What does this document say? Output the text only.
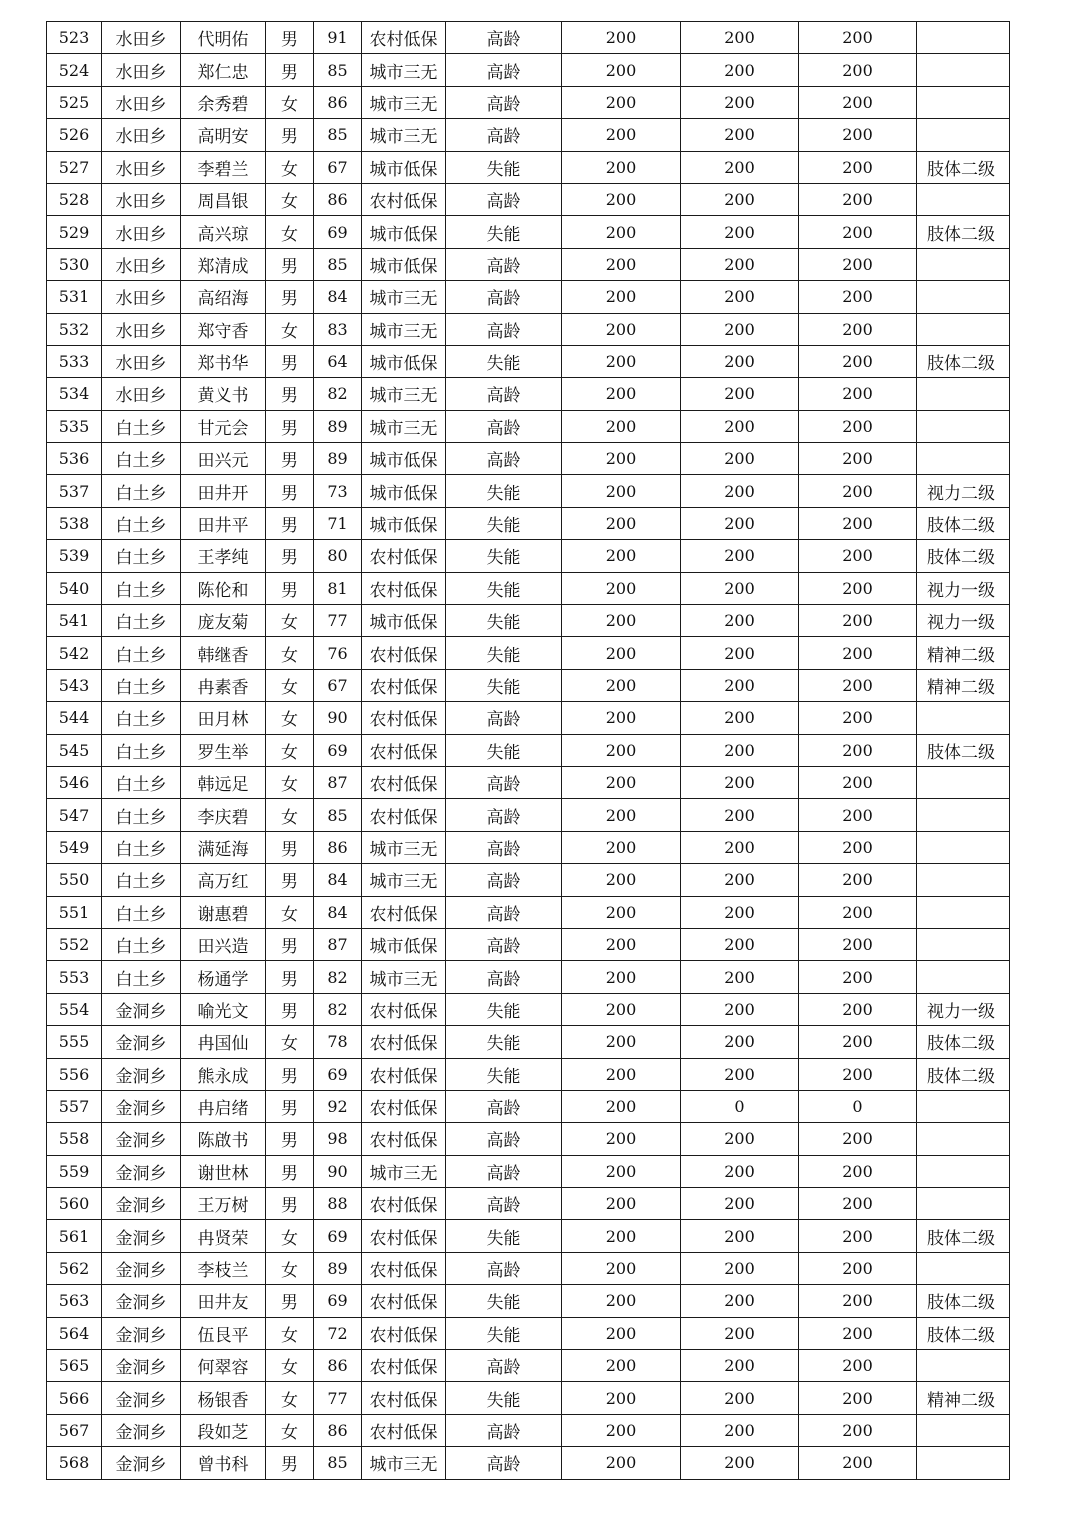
523	水田乡	代明佑	男	91	农村低保	高龄	200	200	200	
524	水田乡	郑仁忠	男	85	城市三无	高龄	200	200	200	
525	水田乡	余秀碧	女	86	城市三无	高龄	200	200	200	
526	水田乡	高明安	男	85	城市三无	高龄	200	200	200	
527	水田乡	李碧兰	女	67	城市低保	失能	200	200	200	肢体二级
528	水田乡	周昌银	女	86	农村低保	高龄	200	200	200	
529	水田乡	高兴琼	女	69	城市低保	失能	200	200	200	肢体二级
530	水田乡	郑清成	男	85	城市低保	高龄	200	200	200	
531	水田乡	高绍海	男	84	城市三无	高龄	200	200	200	
532	水田乡	郑守香	女	83	城市三无	高龄	200	200	200	
533	水田乡	郑书华	男	64	城市低保	失能	200	200	200	肢体二级
534	水田乡	黄义书	男	82	城市三无	高龄	200	200	200	
535	白土乡	甘元会	男	89	城市三无	高龄	200	200	200	
536	白土乡	田兴元	男	89	城市低保	高龄	200	200	200	
537	白土乡	田井开	男	73	城市低保	失能	200	200	200	视力二级
538	白土乡	田井平	男	71	城市低保	失能	200	200	200	肢体二级
539	白土乡	王孝纯	男	80	农村低保	失能	200	200	200	肢体二级
540	白土乡	陈伦和	男	81	农村低保	失能	200	200	200	视力一级
541	白土乡	庞友菊	女	77	城市低保	失能	200	200	200	视力一级
542	白土乡	韩继香	女	76	农村低保	失能	200	200	200	精神二级
543	白土乡	冉素香	女	67	农村低保	失能	200	200	200	精神二级
544	白土乡	田月林	女	90	农村低保	高龄	200	200	200	
545	白土乡	罗生举	女	69	农村低保	失能	200	200	200	肢体二级
546	白土乡	韩远足	女	87	农村低保	高龄	200	200	200	
547	白土乡	李庆碧	女	85	农村低保	高龄	200	200	200	
549	白土乡	满延海	男	86	城市三无	高龄	200	200	200	
550	白土乡	高万红	男	84	城市三无	高龄	200	200	200	
551	白土乡	谢惠碧	女	84	农村低保	高龄	200	200	200	
552	白土乡	田兴造	男	87	城市低保	高龄	200	200	200	
553	白土乡	杨通学	男	82	城市三无	高龄	200	200	200	
554	金洞乡	喻光文	男	82	农村低保	失能	200	200	200	视力一级
555	金洞乡	冉国仙	女	78	农村低保	失能	200	200	200	肢体二级
556	金洞乡	熊永成	男	69	农村低保	失能	200	200	200	肢体二级
557	金洞乡	冉启绪	男	92	农村低保	高龄	200	0	0	
558	金洞乡	陈啟书	男	98	农村低保	高龄	200	200	200	
559	金洞乡	谢世林	男	90	城市三无	高龄	200	200	200	
560	金洞乡	王万树	男	88	农村低保	高龄	200	200	200	
561	金洞乡	冉贤荣	女	69	农村低保	失能	200	200	200	肢体二级
562	金洞乡	李枝兰	女	89	农村低保	高龄	200	200	200	
563	金洞乡	田井友	男	69	农村低保	失能	200	200	200	肢体二级
564	金洞乡	伍艮平	女	72	农村低保	失能	200	200	200	肢体二级
565	金洞乡	何翠容	女	86	农村低保	高龄	200	200	200	
566	金洞乡	杨银香	女	77	农村低保	失能	200	200	200	精神二级
567	金洞乡	段如芝	女	86	农村低保	高龄	200	200	200	
568	金洞乡	曾书科	男	85	城市三无	高龄	200	200	200	
